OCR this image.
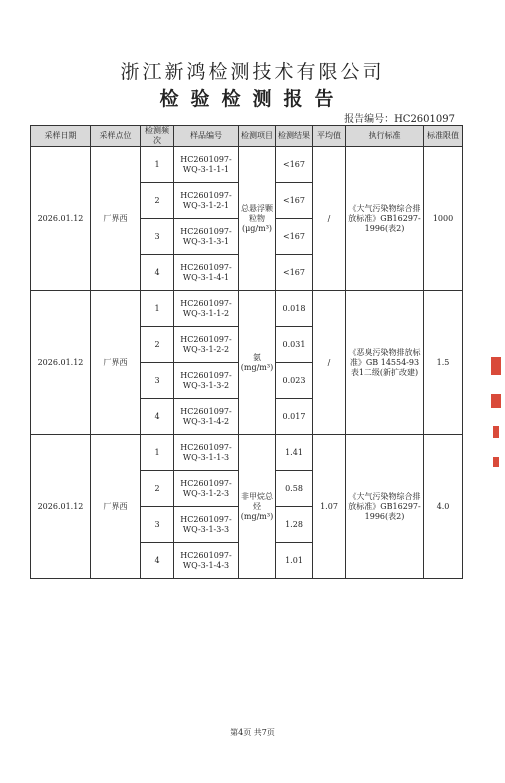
浙江新鸿检测技术有限公司
检验检测报告
报告编号：HC2601097
采样日期	采样点位	检测频次	样品编号	检测项目	检测结果	平均值	执行标准	标准限值
2026.01.12	厂界西	1	HC2601097-WQ-3-1-1-1	总悬浮颗粒物(μg/m³)	<167	/	《大气污染物综合排放标准》GB16297-1996(表2)	1000
		2	HC2601097-WQ-3-1-2-1		<167			
		3	HC2601097-WQ-3-1-3-1		<167			
		4	HC2601097-WQ-3-1-4-1		<167			
2026.01.12	厂界西	1	HC2601097-WQ-3-1-1-2	氨(mg/m³)	0.018	/	《恶臭污染物排放标准》GB 14554-93 表1二级(新扩改建)	1.5
		2	HC2601097-WQ-3-1-2-2		0.031			
		3	HC2601097-WQ-3-1-3-2		0.023			
		4	HC2601097-WQ-3-1-4-2		0.017			
2026.01.12	厂界西	1	HC2601097-WQ-3-1-1-3	非甲烷总烃(mg/m³)	1.41	1.07	《大气污染物综合排放标准》GB16297-1996(表2)	4.0
		2	HC2601097-WQ-3-1-2-3		0.58			
		3	HC2601097-WQ-3-1-3-3		1.28			
		4	HC2601097-WQ-3-1-4-3		1.01			
第4页 共7页
